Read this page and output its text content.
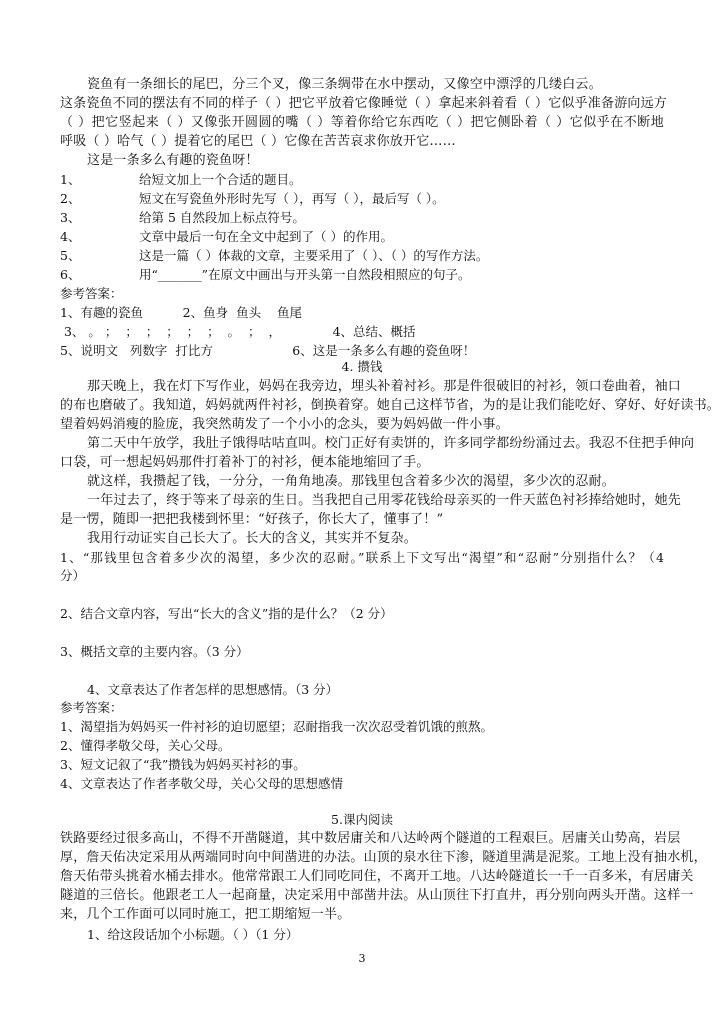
瓷鱼有一条细长的尾巴，分三个叉，像三条绸带在水中摆动，又像空中漂浮的几缕白云。
这条瓷鱼不同的摆法有不同的样子（ ）把它平放着它像睡觉（ ）拿起来斜着看（ ）它似乎准备游向远方
（ ）把它竖起来（ ）又像张开圆圆的嘴（ ）等着你给它东西吃（ ）把它侧卧着（ ）它似乎在不断地
呼吸（ ）哈气（ ）提着它的尾巴（ ）它像在苦苦哀求你放开它……
这是一条多么有趣的瓷鱼呀！
1、	给短文加上一个合适的题目。
2、	短文在写瓷鱼外形时先写（ ），再写（ ），最后写（ ）。
3、	给第 5 自然段加上标点符号。
4、	文章中最后一句在全文中起到了（ ）的作用。
5、	这是一篇（ ）体裁的文章，主要采用了（ ）、（ ）的写作方法。
6、	用“_______”在原文中画出与开头第一自然段相照应的句子。
参考答案：
1、有趣的瓷鱼          2、鱼身  鱼头    鱼尾
3、 。 ；  ；  ；  ；  ；  ；  。  ；  ，             4、总结、概括
5、说明文   列数字  打比方                    6、这是一条多么有趣的瓷鱼呀！
4. 攒钱
那天晚上，我在灯下写作业，妈妈在我旁边，埋头补着衬衫。那是件很破旧的衬衫，领口卷曲着，袖口
的布也磨破了。我知道，妈妈就两件衬衫，倒换着穿。她自己这样节省，为的是让我们能吃好、穿好、好好读书。
望着妈妈消瘦的脸庞，我突然萌发了一个小小的念头，要为妈妈做一件小事。
第二天中午放学，我肚子饿得咕咕直叫。校门正好有卖饼的，许多同学都纷纷涌过去。我忍不住把手伸向
口袋，可一想起妈妈那件打着补丁的衬衫，便本能地缩回了手。
就这样，我攒起了钱，一分分，一角角地凑。那钱里包含着多少次的渴望，多少次的忍耐。
一年过去了，终于等来了母亲的生日。当我把自己用零花钱给母亲买的一件天蓝色衬衫捧给她时，她先
是一愣，随即一把把我楼到怀里：“好孩子，你长大了，懂事了！”
我用行动证实自己长大了。长大的含义，其实并不复杂。
1、“那钱里包含着多少次的渴望，多少次的忍耐。”联系上下文写出“渴望”和“忍耐”分别指什么？（4
分）
2、结合文章内容，写出“长大的含义”指的是什么？（2 分）
3、概括文章的主要内容。（3 分）
4、文章表达了作者怎样的思想感情。（3 分）
参考答案：
1、渴望指为妈妈买一件衬衫的迫切愿望；忍耐指我一次次忍受着饥饿的煎熬。
2、懂得孝敬父母，关心父母。
3、短文记叙了“我”攒钱为妈妈买衬衫的事。
4、文章表达了作者孝敬父母，关心父母的思想感情
5.课内阅读
铁路要经过很多高山，不得不开凿隧道，其中数居庸关和八达岭两个隧道的工程艰巨。居庸关山势高，岩层
厚，詹天佑决定采用从两端同时向中间凿进的办法。山顶的泉水往下渗，隧道里满是泥浆。工地上没有抽水机，
詹天佑带头挑着水桶去排水。他常常跟工人们同吃同住，不离开工地。八达岭隧道长一千一百多米，有居庸关
隧道的三倍长。他跟老工人一起商量，决定采用中部凿井法。从山顶往下打直井，再分别向两头开凿。这样一
来，几个工作面可以同时施工，把工期缩短一半。
1、给这段话加个小标题。（ ）（1 分）
3
